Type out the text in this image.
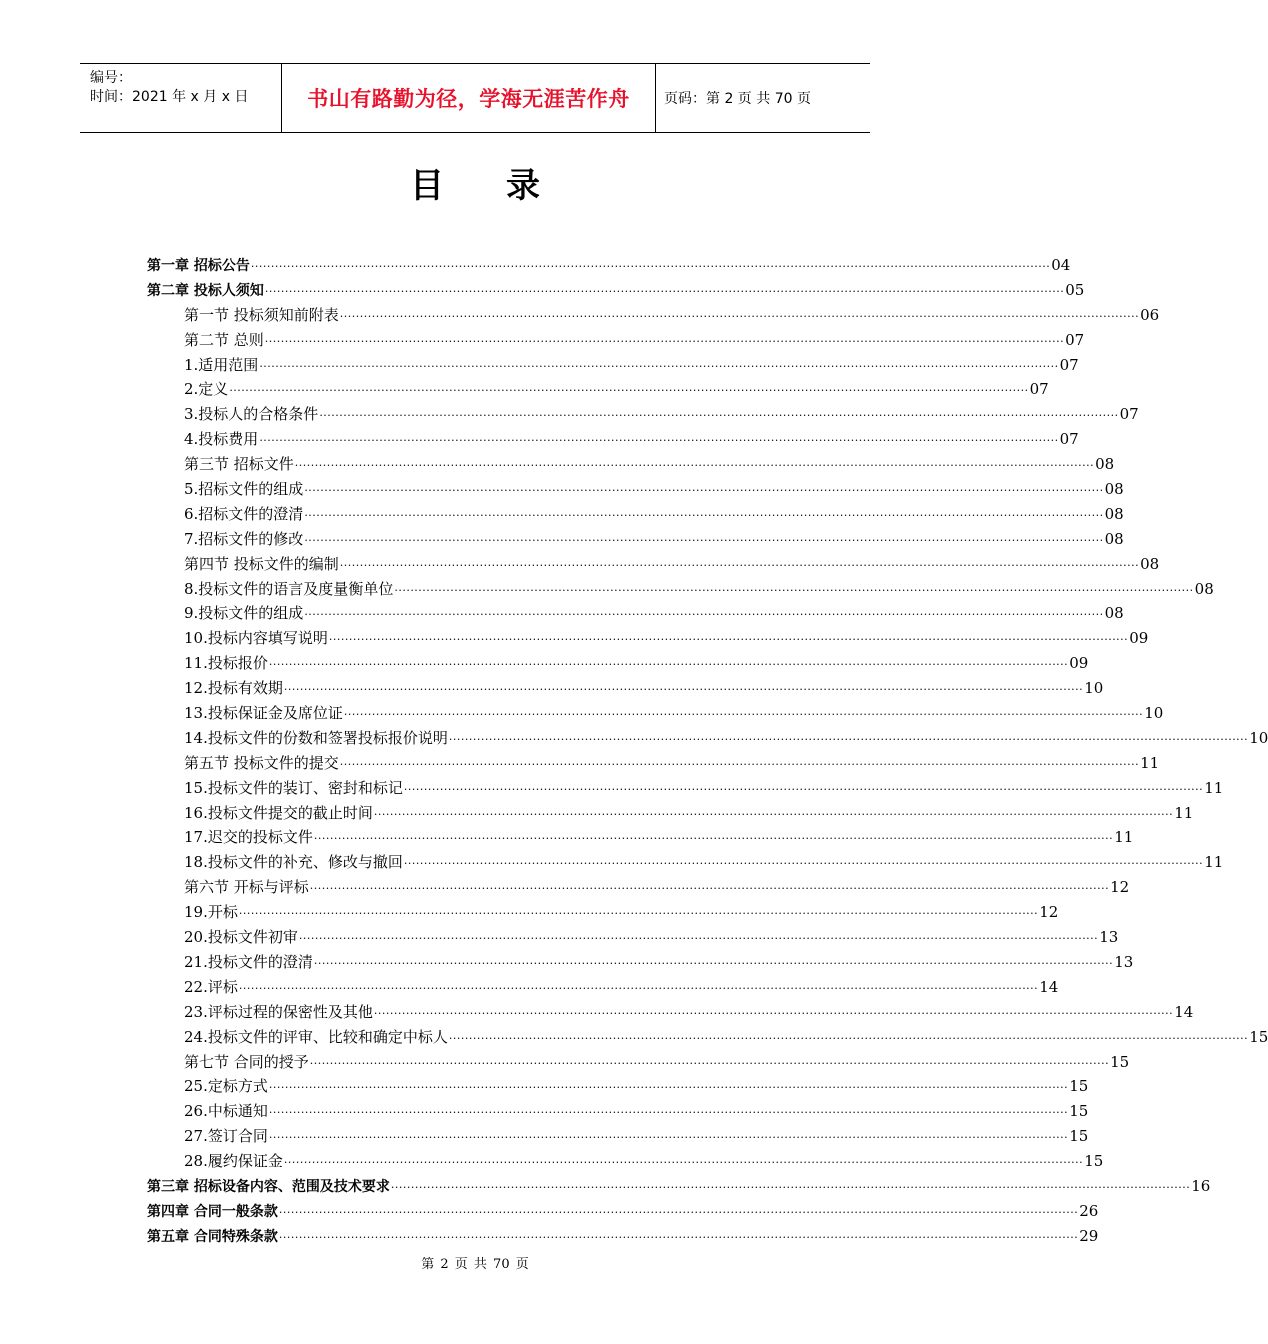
编号：
时间：2021 年 x 月 x 日	书山有路勤为径，学海无涯苦作舟	页码：第 2 页 共 70 页
目录
第一章 招标公告 ········································································································································································································ 04
第二章 投标人须知 ········································································································································································································ 05
第一节 投标须知前附表 ········································································································································································································ 06
第二节 总则 ········································································································································································································ 07
1.适用范围 ········································································································································································································ 07
2.定义 ········································································································································································································ 07
3.投标人的合格条件 ········································································································································································································ 07
4.投标费用 ········································································································································································································ 07
第三节 招标文件 ········································································································································································································ 08
5.招标文件的组成 ········································································································································································································ 08
6.招标文件的澄清 ········································································································································································································ 08
7.招标文件的修改 ········································································································································································································ 08
第四节 投标文件的编制 ········································································································································································································ 08
8.投标文件的语言及度量衡单位 ········································································································································································································ 08
9.投标文件的组成 ········································································································································································································ 08
10.投标内容填写说明 ········································································································································································································ 09
11.投标报价 ········································································································································································································ 09
12.投标有效期 ········································································································································································································ 10
13.投标保证金及席位证 ········································································································································································································ 10
14.投标文件的份数和签署投标报价说明 ········································································································································································································ 10
第五节 投标文件的提交 ········································································································································································································ 11
15.投标文件的装订、密封和标记 ········································································································································································································ 11
16.投标文件提交的截止时间 ········································································································································································································ 11
17.迟交的投标文件 ········································································································································································································ 11
18.投标文件的补充、修改与撤回 ········································································································································································································ 11
第六节 开标与评标 ········································································································································································································ 12
19.开标 ········································································································································································································ 12
20.投标文件初审 ········································································································································································································ 13
21.投标文件的澄清 ········································································································································································································ 13
22.评标 ········································································································································································································ 14
23.评标过程的保密性及其他 ········································································································································································································ 14
24.投标文件的评审、比较和确定中标人 ········································································································································································································ 15
第七节 合同的授予 ········································································································································································································ 15
25.定标方式 ········································································································································································································ 15
26.中标通知 ········································································································································································································ 15
27.签订合同 ········································································································································································································ 15
28.履约保证金 ········································································································································································································ 15
第三章 招标设备内容、范围及技术要求 ········································································································································································································ 16
第四章 合同一般条款 ········································································································································································································ 26
第五章 合同特殊条款 ········································································································································································································ 29
第 2 页 共 70 页
